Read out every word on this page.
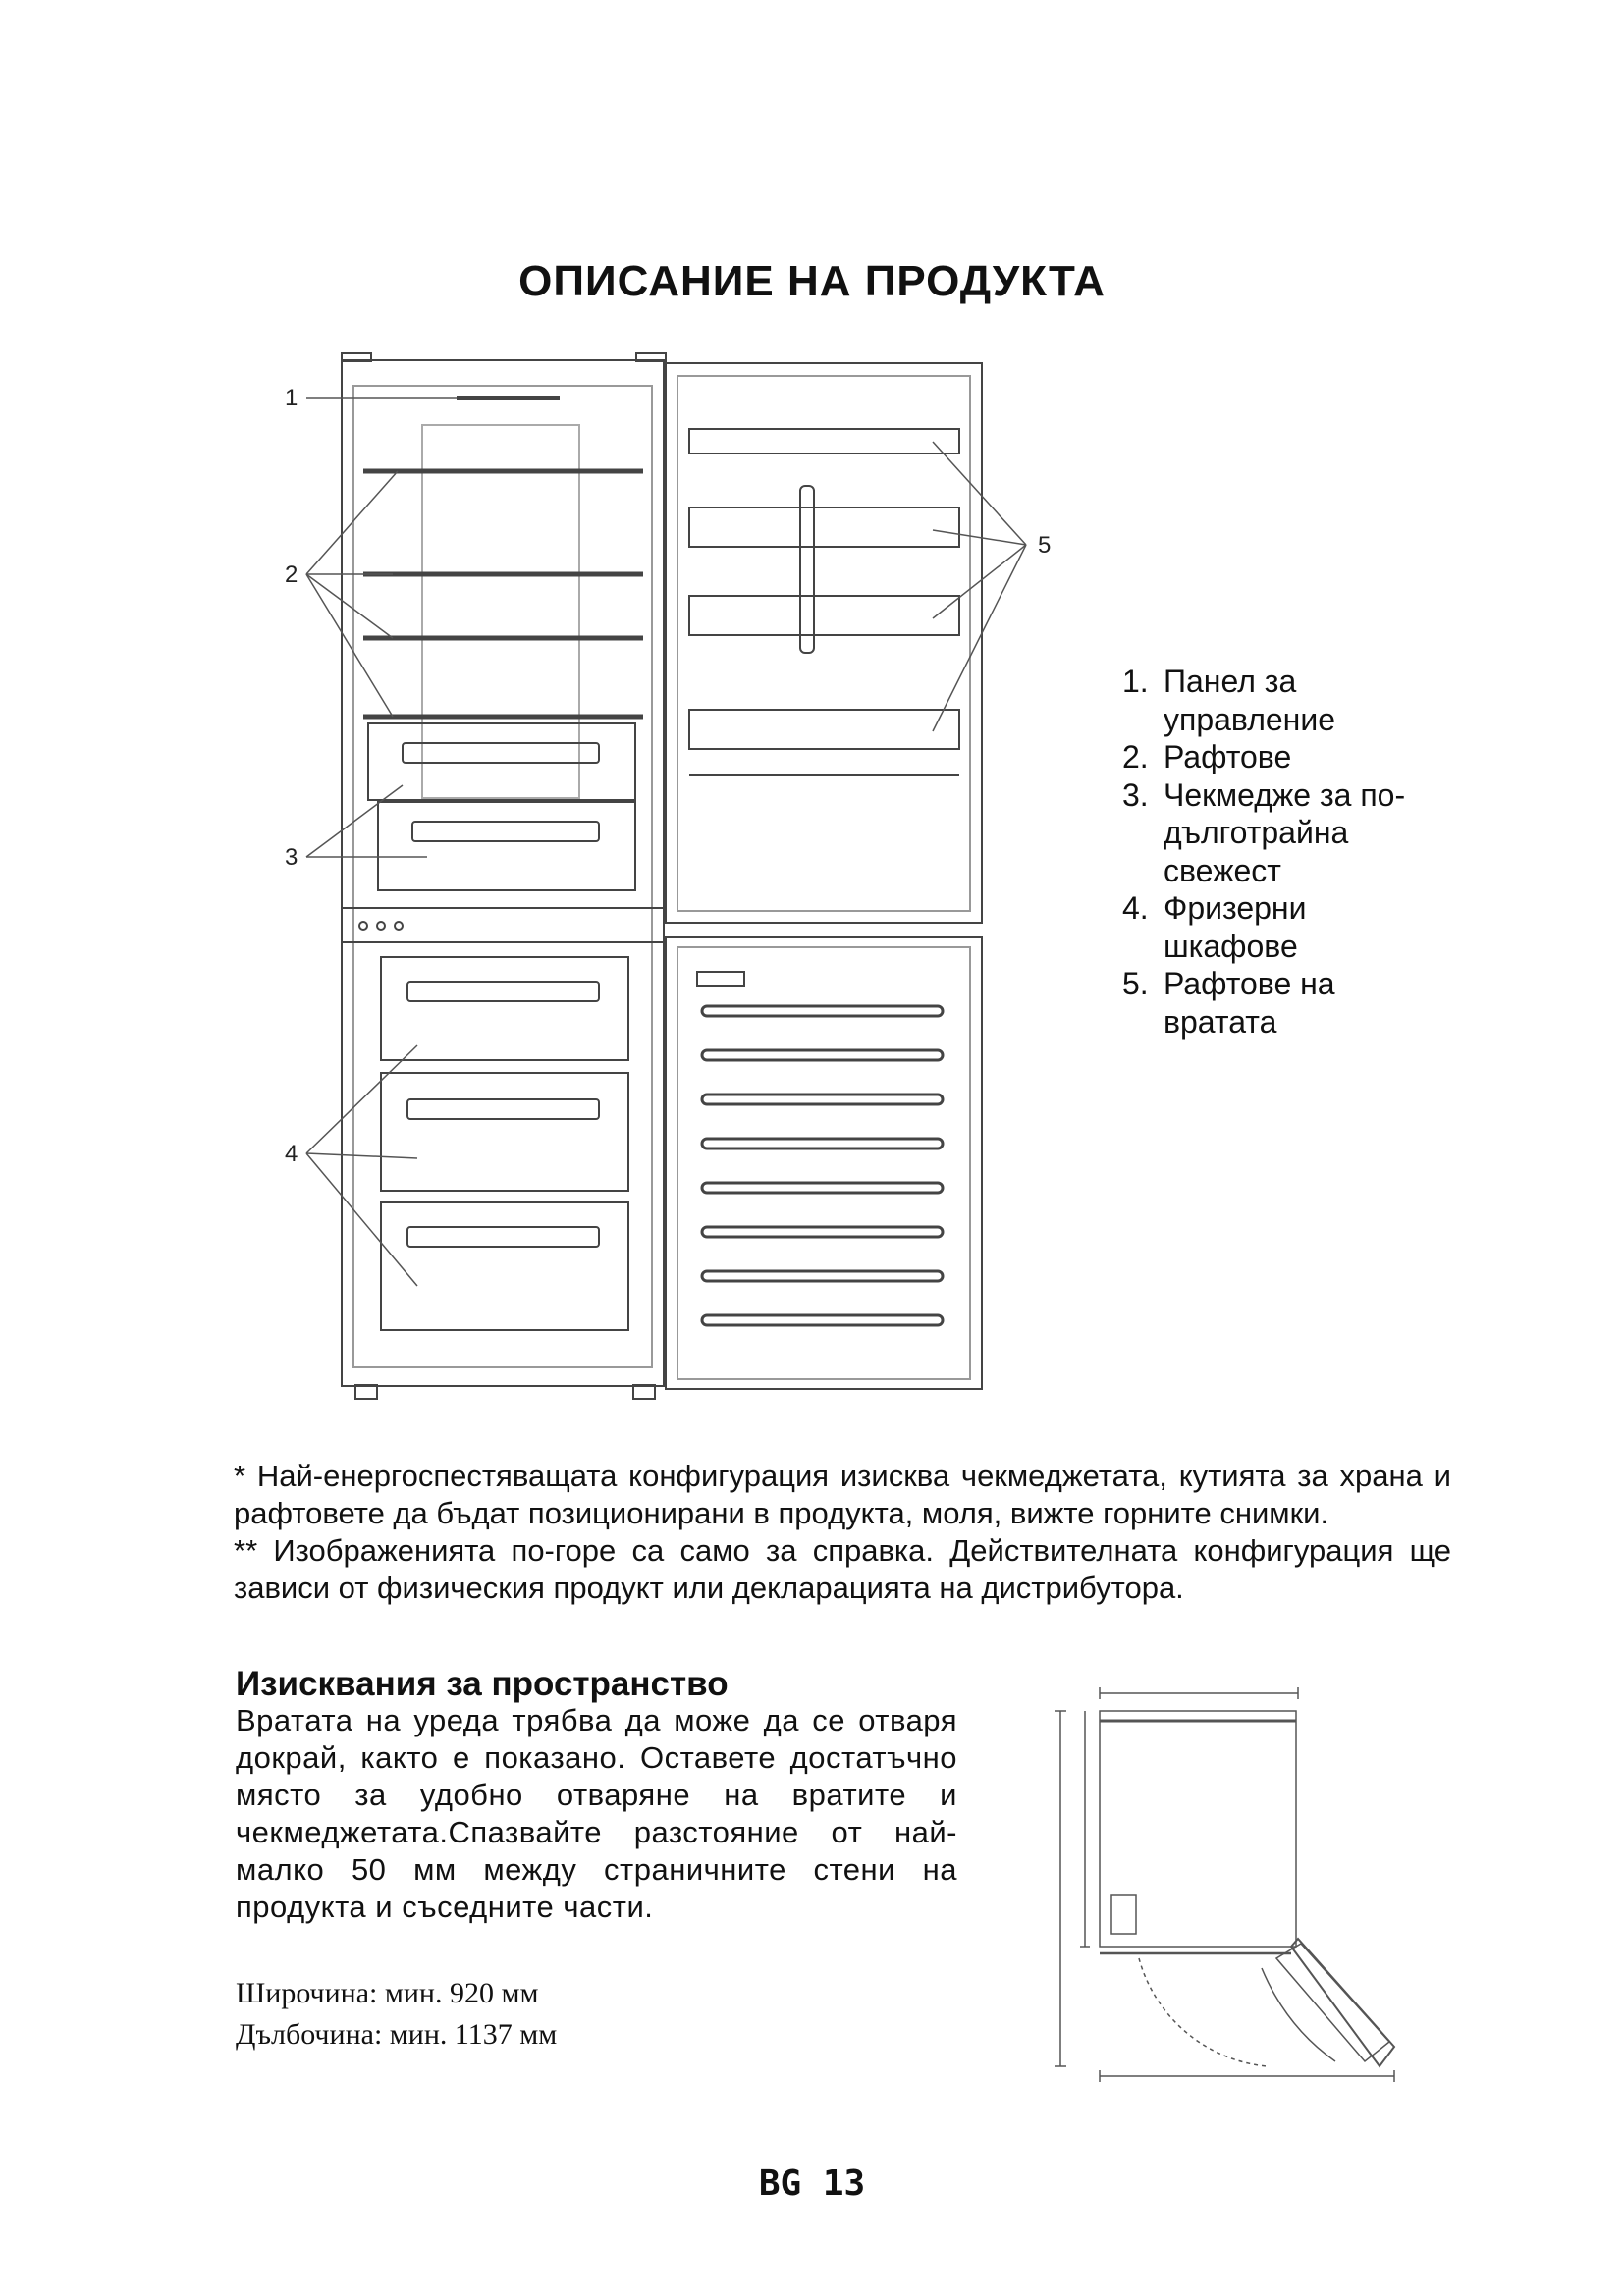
ОПИСАНИЕ НА ПРОДУКТА
1
2
3
4
5
1. Панел за управление
2. Рафтове
3. Чекмедже за по-дълготрайна свежест
4. Фризерни шкафове
5. Рафтове на вратата

* Най-енергоспестяващата конфигурация изисква чекмеджетата, кутията за храна и рафтовете да бъдат позиционирани в продукта, моля, вижте горните снимки.

** Изображенията по-горе са само за справка. Действителната конфигурация ще зависи от физическия продукт или декларацията на дистрибутора.

Изисквания за пространство
Вратата на уреда трябва да може да се отваря докрай, както е показано. Оставете достатъчно място за удобно отваряне на вратите и чекмеджетата.Спазвайте разстояние от най-малко 50 мм между страничните стени на продукта и съседните части.
Широчина: мин. 920 мм
Дълбочина: мин. 1137 мм
BG 13
